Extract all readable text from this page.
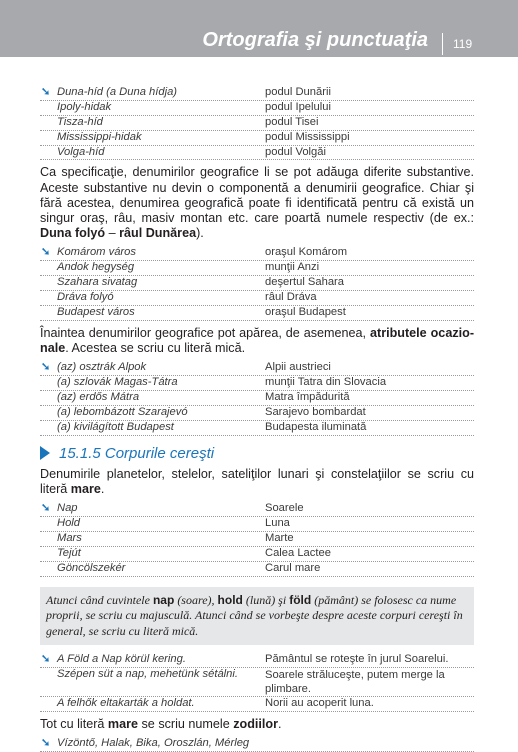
Ortografia şi punctuaţia 119
➘ Duna-híd (a Duna hídja)	podul Dunării
Ipoly-hidak	podul Ipelului
Tisza-híd	podul Tisei
Mississippi-hidak	podul Mississippi
Volga-híd	podul Volgăi

Ca specificaţie, denumirilor geografice li se pot adăuga diferite substantive. Aceste substantive nu devin o componentă a denumirii geografice. Chiar şi fără acestea, denumirea geografică poate fi identificată pentru că există un singur oraş, râu, masiv montan etc. care poartă numele respectiv (de ex.: Duna folyó – râul Dunărea).

➘ Komárom város	oraşul Komárom
Andok hegység	munţii Anzi
Szahara sivatag	deşertul Sahara
Dráva folyó	râul Dráva
Budapest város	oraşul Budapest

Înaintea denumirilor geografice pot apărea, de asemenea, atributele ocazionale. Acestea se scriu cu literă mică.

➘ (az) osztrák Alpok	Alpii austrieci
(a) szlovák Magas-Tátra	munţii Tatra din Slovacia
(az) erdős Mátra	Matra împădurită
(a) lebombázott Szarajevó	Sarajevo bombardat
(a) kivilágított Budapest	Budapesta iluminată
15.1.5 Corpurile cereşti

Denumirile planetelor, stelelor, sateliţilor lunari şi constelaţiilor se scriu cu literă mare.

➘ Nap	Soarele
Hold	Luna
Mars	Marte
Tejút	Calea Lactee
Göncölszekér	Carul mare
Atunci când cuvintele nap (soare), hold (lună) şi föld (pământ) se folosesc ca nume proprii, se scriu cu majusculă. Atunci când se vorbeşte despre aceste corpuri cereşti în general, se scriu cu literă mică.
➘ A Föld a Nap körül kering.	Pământul se roteşte în jurul Soarelui.
Szépen süt a nap, mehetünk sétálni.	Soarele străluceşte, putem merge la plimbare.
A felhők eltakarták a holdat.	Norii au acoperit luna.

Tot cu literă mare se scriu numele zodiilor.

➘ Vízöntő, Halak, Bika, Oroszlán, Mérleg
